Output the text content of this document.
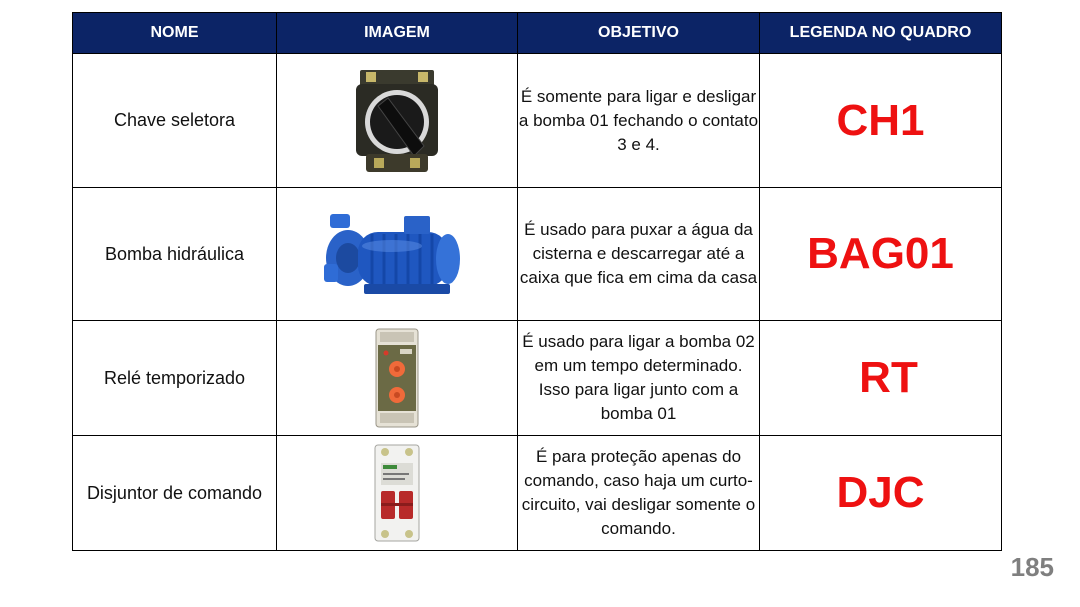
NOME	IMAGEM	OBJETIVO	LEGENDA NO QUADRO
Chave seletora		É somente para ligar e desligar a bomba 01 fechando o contato 3 e 4.	CH1
Bomba hidráulica		É usado para puxar a água da cisterna e descarregar até a caixa que fica em cima da casa	BAG01
Relé temporizado		É usado para ligar a bomba 02 em um tempo determinado. Isso para ligar junto com a bomba 01	RT
Disjuntor de comando		É para proteção apenas do comando, caso haja um curto-circuito, vai desligar somente o comando.	DJC
185
